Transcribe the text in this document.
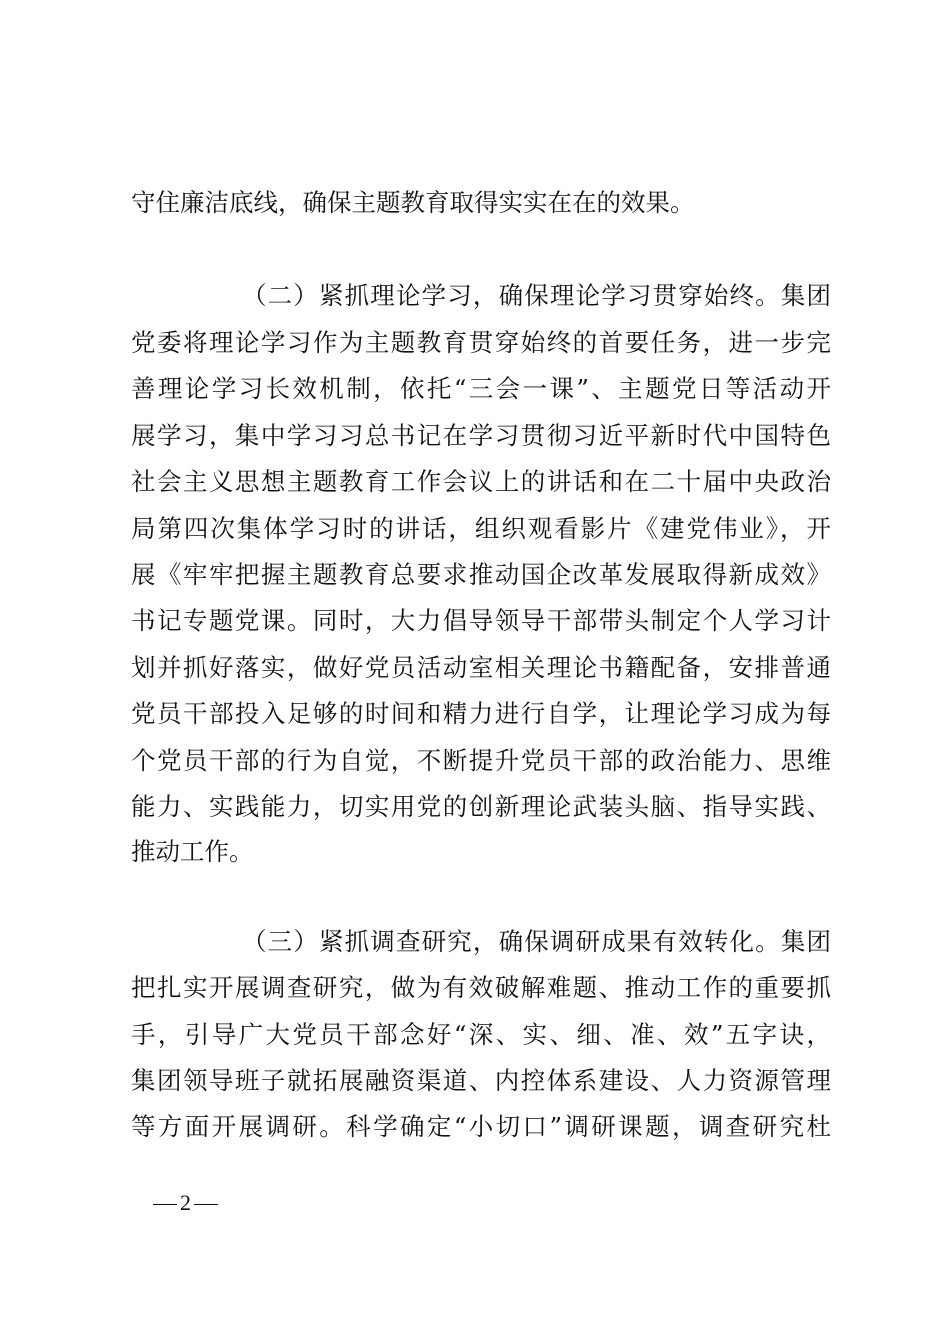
守住廉洁底线，确保主题教育取得实实在在的效果。
（二）紧抓理论学习，确保理论学习贯穿始终。集团
党委将理论学习作为主题教育贯穿始终的首要任务，进一步完
善理论学习长效机制，依托“三会一课”、主题党日等活动开
展学习，集中学习习总书记在学习贯彻习近平新时代中国特色
社会主义思想主题教育工作会议上的讲话和在二十届中央政治
局第四次集体学习时的讲话，组织观看影片《建党伟业》，开
展《牢牢把握主题教育总要求推动国企改革发展取得新成效》
书记专题党课。同时，大力倡导领导干部带头制定个人学习计
划并抓好落实，做好党员活动室相关理论书籍配备，安排普通
党员干部投入足够的时间和精力进行自学，让理论学习成为每
个党员干部的行为自觉，不断提升党员干部的政治能力、思维
能力、实践能力，切实用党的创新理论武装头脑、指导实践、
推动工作。
（三）紧抓调查研究，确保调研成果有效转化。集团
把扎实开展调查研究，做为有效破解难题、推动工作的重要抓
手，引导广大党员干部念好“深、实、细、准、效”五字诀，
集团领导班子就拓展融资渠道、内控体系建设、人力资源管理
等方面开展调研。科学确定“小切口”调研课题，调查研究杜
2
